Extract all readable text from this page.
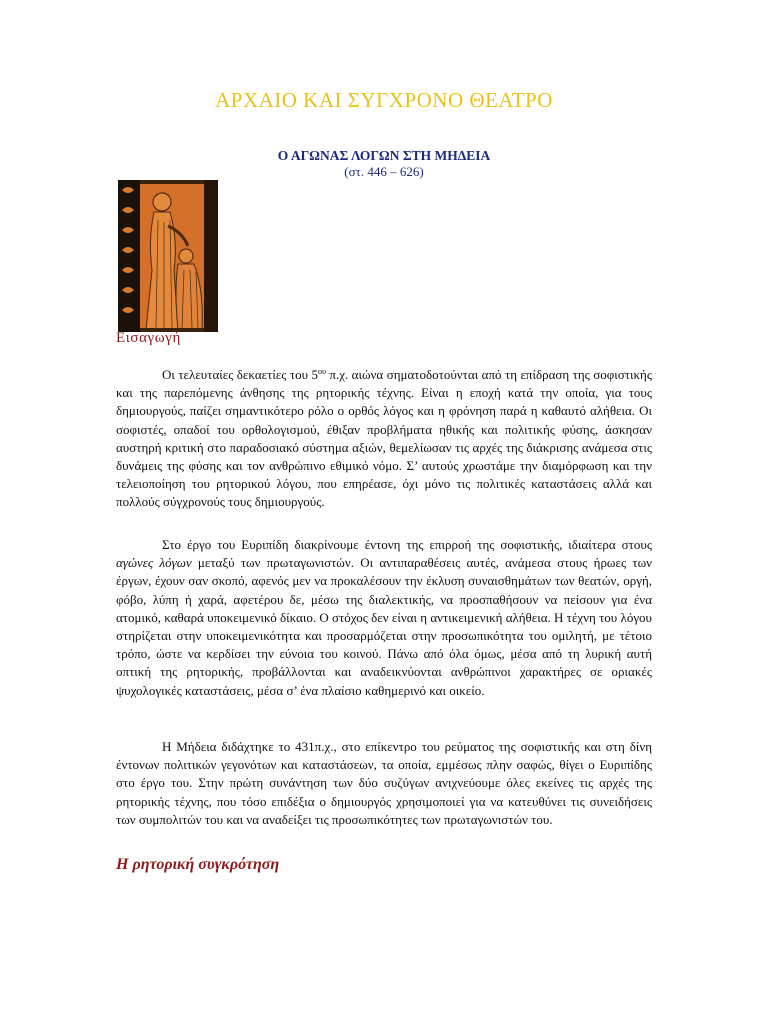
ΑΡΧΑΙΟ ΚΑΙ ΣΥΓΧΡΟΝΟ ΘΕΑΤΡΟ
Ο ΑΓΩΝΑΣ ΛΟΓΩΝ ΣΤΗ ΜΗΔΕΙΑ
(στ. 446 – 626)
Εισαγωγή

Οι τελευταίες δεκαετίες του $5^{o\upsilon}$ π.χ. αιώνα σηματοδοτούνται από τη επίδραση της σοφιστικής και της παρεπόμενης άνθησης της ρητορικής τέχνης. Είναι η εποχή κατά την οποία, για τους δημιουργούς, παίζει σημαντικότερο ρόλο ο ορθός λόγος και η φρόνηση παρά η καθαυτό αλήθεια. Οι σοφιστές, οπαδοί του ορθολογισμού, έθιξαν προβλήματα ηθικής και πολιτικής φύσης, άσκησαν αυστηρή κριτική στο παραδοσιακό σύστημα αξιών, θεμελίωσαν τις αρχές της διάκρισης ανάμεσα στις δυνάμεις της φύσης και τον ανθρώπινο εθιμικό νόμο. Σ’ αυτούς χρωστάμε την διαμόρφωση και την τελειοποίηση του ρητορικού λόγου, που επηρέασε, όχι μόνο τις πολιτικές καταστάσεις αλλά και πολλούς σύγχρονούς τους δημιουργούς.

Στο έργο του Ευριπίδη διακρίνουμε έντονη της επιρροή της σοφιστικής, ιδιαίτερα στους αγώνες λόγων μεταξύ των πρωταγωνιστών. Οι αντιπαραθέσεις αυτές, ανάμεσα στους ήρωες των έργων, έχουν σαν σκοπό, αφενός μεν να προκαλέσουν την έκλυση συναισθημάτων των θεατών, οργή, φόβο, λύπη ή χαρά, αφετέρου δε, μέσω της διαλεκτικής, να προσπαθήσουν να πείσουν για ένα ατομικό, καθαρά υποκειμενικό δίκαιο. Ο στόχος δεν είναι η αντικειμενική αλήθεια. Η τέχνη του λόγου στηρίζεται στην υποκειμενικότητα και προσαρμόζεται στην προσωπικότητα του ομιλητή, με τέτοιο τρόπο, ώστε να κερδίσει την εύνοια του κοινού. Πάνω από όλα όμως, μέσα από τη λυρική αυτή οπτική της ρητορικής, προβάλλονται και αναδεικνύονται ανθρώπινοι χαρακτήρες σε οριακές ψυχολογικές καταστάσεις, μέσα σ’ ένα πλαίσιο καθημερινό και οικείο.

Η Μήδεια διδάχτηκε το 431π.χ., στο επίκεντρο του ρεύματος της σοφιστικής και στη δίνη έντονων πολιτικών γεγονότων και καταστάσεων, τα οποία, εμμέσως πλην σαφώς, θίγει ο Ευριπίδης στο έργο του. Στην πρώτη συνάντηση των δύο συζύγων ανιχνεύουμε όλες εκείνες τις αρχές της ρητορικής τέχνης, που τόσο επιδέξια ο δημιουργός χρησιμοποιεί για να κατευθύνει τις συνειδήσεις των συμπολιτών του και να αναδείξει τις προσωπικότητες των πρωταγωνιστών του.

Η ρητορική συγκρότηση
